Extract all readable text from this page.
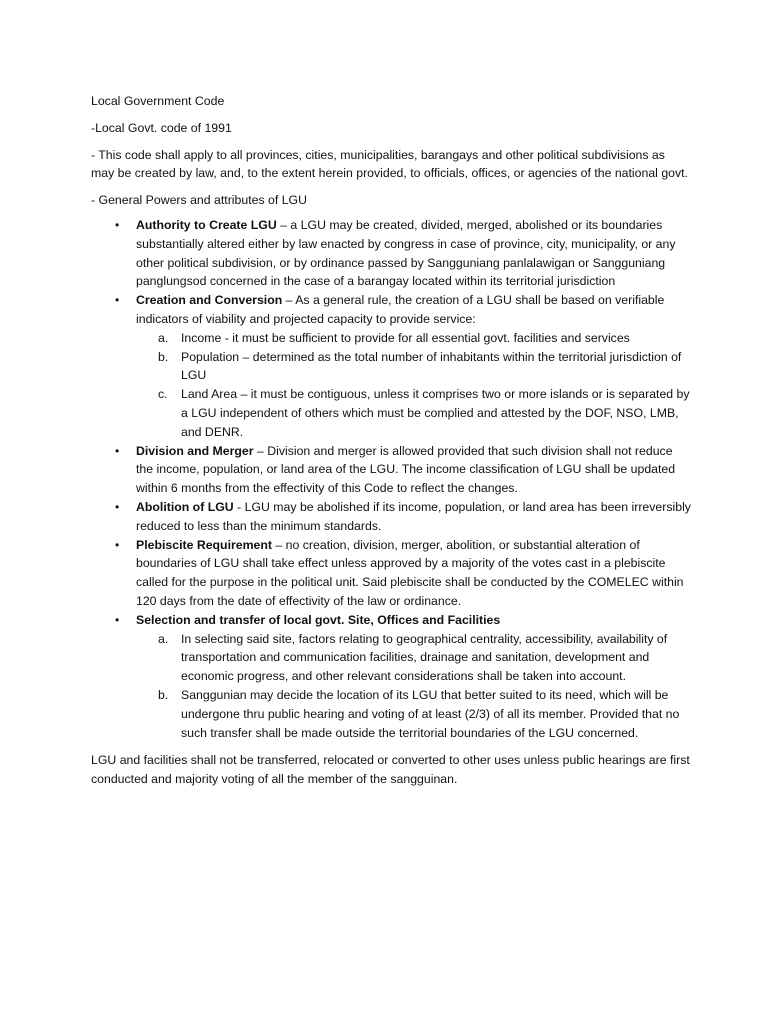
Local Government Code

-Local Govt. code of 1991

- This code shall apply to all provinces, cities, municipalities, barangays and other political subdivisions as may be created by law, and, to the extent herein provided, to officials, offices, or agencies of the national govt.

- General Powers and attributes of LGU

• Authority to Create LGU – a LGU may be created, divided, merged, abolished or its boundaries substantially altered either by law enacted by congress in case of province, city, municipality, or any other political subdivision, or by ordinance passed by Sangguniang panlalawigan or Sangguniang panglungsod concerned in the case of a barangay located within its territorial jurisdiction
• Creation and Conversion – As a general rule, the creation of a LGU shall be based on verifiable indicators of viability and projected capacity to provide service:
a. Income - it must be sufficient to provide for all essential govt. facilities and services
b. Population – determined as the total number of inhabitants within the territorial jurisdiction of LGU
c. Land Area – it must be contiguous, unless it comprises two or more islands or is separated by a LGU independent of others which must be complied and attested by the DOF, NSO, LMB, and DENR.
• Division and Merger – Division and merger is allowed provided that such division shall not reduce the income, population, or land area of the LGU. The income classification of LGU shall be updated within 6 months from the effectivity of this Code to reflect the changes.
• Abolition of LGU - LGU may be abolished if its income, population, or land area has been irreversibly reduced to less than the minimum standards.
• Plebiscite Requirement – no creation, division, merger, abolition, or substantial alteration of boundaries of LGU shall take effect unless approved by a majority of the votes cast in a plebiscite called for the purpose in the political unit. Said plebiscite shall be conducted by the COMELEC within 120 days from the date of effectivity of the law or ordinance.
• Selection and transfer of local govt. Site, Offices and Facilities
a. In selecting said site, factors relating to geographical centrality, accessibility, availability of transportation and communication facilities, drainage and sanitation, development and economic progress, and other relevant considerations shall be taken into account.
b. Sanggunian may decide the location of its LGU that better suited to its need, which will be undergone thru public hearing and voting of at least (2/3) of all its member. Provided that no such transfer shall be made outside the territorial boundaries of the LGU concerned.

LGU and facilities shall not be transferred, relocated or converted to other uses unless public hearings are first conducted and majority voting of all the member of the sangguinan.
